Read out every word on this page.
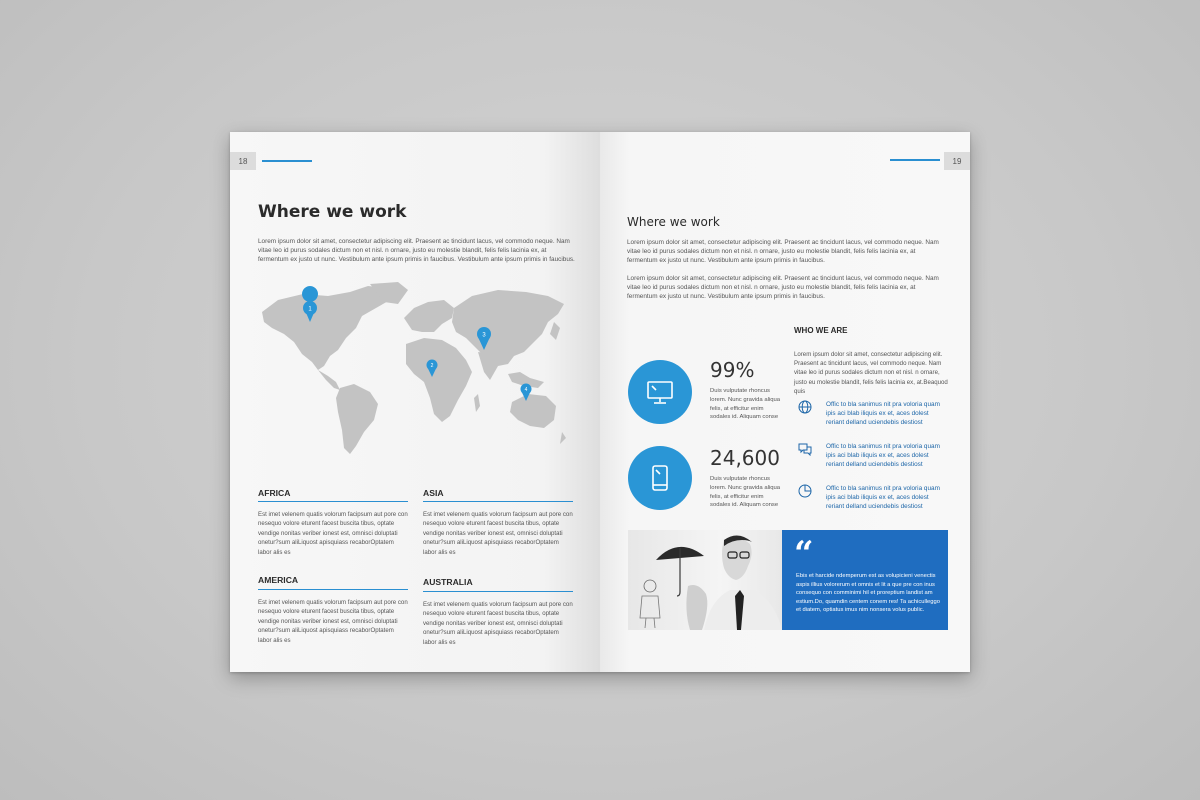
18
Where we work
Lorem ipsum dolor sit amet, consectetur adipiscing elit. Praesent ac tincidunt lacus, vel commodo neque. Nam vitae leo id purus sodales dictum non et nisl. n ornare, justo eu molestie blandit, felis felis lacinia ex, at fermentum ex justo ut nunc. Vestibulum ante ipsum primis in faucibus. Vestibulum ante ipsum primis in faucibus.
1
2
3
4
AFRICA
Est imet velenem quatis volorum facipsum aut pore con nesequo volore eturent facest buscita tibus, optate vendige nonitas veriber ionest est, omnisci doluptati onetur?sum aliLiquost apisquiass recaborOptatem labor alis es
ASIA
Est imet velenem quatis volorum facipsum aut pore con nesequo volore eturent facest buscita tibus, optate vendige nonitas veriber ionest est, omnisci doluptati onetur?sum aliLiquost apisquiass recaborOptatem labor alis es
AMERICA
Est imet velenem quatis volorum facipsum aut pore con nesequo volore eturent facest buscita tibus, optate vendige nonitas veriber ionest est, omnisci doluptati onetur?sum aliLiquost apisquiass recaborOptatem labor alis es
AUSTRALIA
Est imet velenem quatis volorum facipsum aut pore con nesequo volore eturent facest buscita tibus, optate vendige nonitas veriber ionest est, omnisci doluptati onetur?sum aliLiquost apisquiass recaborOptatem labor alis es
19
Where we work
Lorem ipsum dolor sit amet, consectetur adipiscing elit. Praesent ac tincidunt lacus, vel commodo neque. Nam vitae leo id purus sodales dictum non et nisl. n ornare, justo eu molestie blandit, felis felis lacinia ex, at fermentum ex justo ut nunc. Vestibulum ante ipsum primis in faucibus.
Lorem ipsum dolor sit amet, consectetur adipiscing elit. Praesent ac tincidunt lacus, vel commodo neque. Nam vitae leo id purus sodales dictum non et nisl. n ornare, justo eu molestie blandit, felis felis lacinia ex, at fermentum ex justo ut nunc. Vestibulum ante ipsum primis in faucibus.
99%
Duis vulputate rhoncus lorem. Nunc gravida aliqua felis, at efficitur enim sodales id. Aliquam conse
24,600
Duis vulputate rhoncus lorem. Nunc gravida aliqua felis, at efficitur enim sodales id. Aliquam conse
WHO WE ARE
Lorem ipsum dolor sit amet, consectetur adipiscing elit. Praesent ac tincidunt lacus, vel commodo neque. Nam vitae leo id purus sodales dictum non et nisl. n ornare, justo eu molestie blandit, felis felis lacinia ex, at.Beaquod quis
Offic to bla sanimus nit pra voloria quam ipis aci blab iliquis ex et, aces dolest reriant delland uciendebis destiost
Offic to bla sanimus nit pra voloria quam ipis aci blab iliquis ex et, aces dolest reriant delland uciendebis destiost
Offic to bla sanimus nit pra voloria quam ipis aci blab iliquis ex et, aces dolest reriant delland uciendebis destiost
“
Ebis et harcide ndemperum est as volupicieni venectis aspis illius volorerum et omnis et lit a que pre con inus consequo con comminimi hil et proreptium landist am estium.Do, quamdin centem conem res! Ta achiculleggo et diatem, optiatus imus nim nonsera volus public.
